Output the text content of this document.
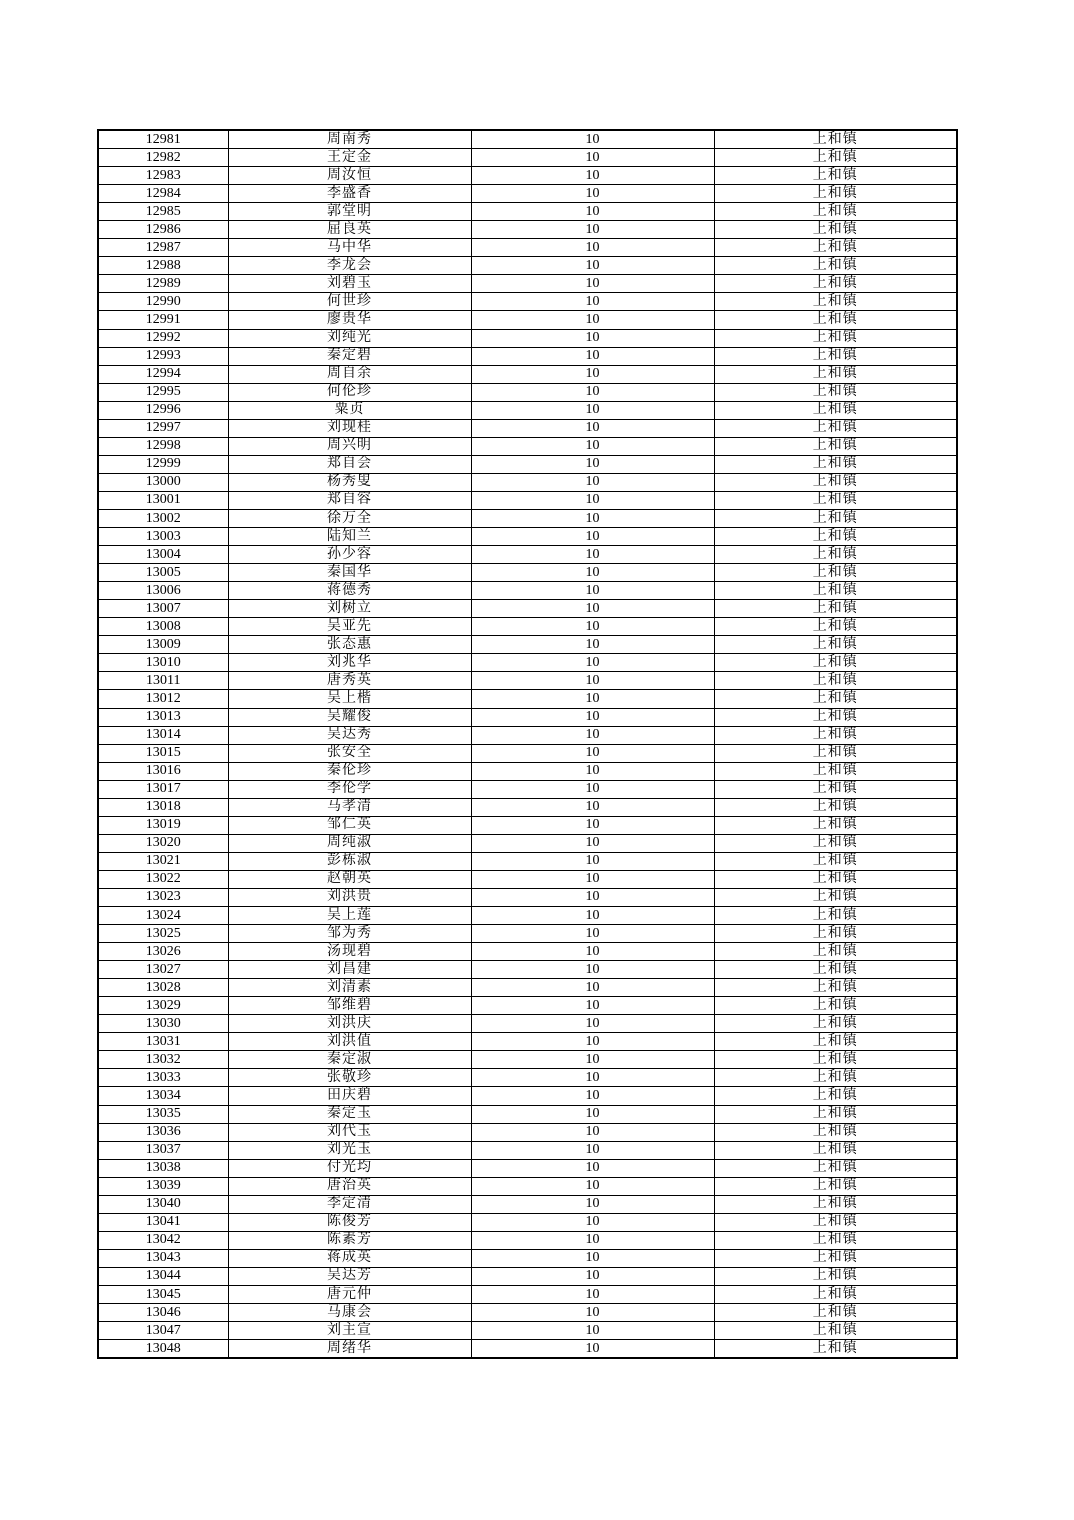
12981	周南秀	10	上和镇
12982	王定金	10	上和镇
12983	周汝恒	10	上和镇
12984	李盛香	10	上和镇
12985	郭堂明	10	上和镇
12986	屈良英	10	上和镇
12987	马中华	10	上和镇
12988	李龙会	10	上和镇
12989	刘碧玉	10	上和镇
12990	何世珍	10	上和镇
12991	廖贵华	10	上和镇
12992	刘纯光	10	上和镇
12993	秦定碧	10	上和镇
12994	周自余	10	上和镇
12995	何伦珍	10	上和镇
12996	粟贞	10	上和镇
12997	刘现桂	10	上和镇
12998	周兴明	10	上和镇
12999	郑自会	10	上和镇
13000	杨秀叟	10	上和镇
13001	郑自容	10	上和镇
13002	徐万全	10	上和镇
13003	陆知兰	10	上和镇
13004	孙少容	10	上和镇
13005	秦国华	10	上和镇
13006	蒋德秀	10	上和镇
13007	刘树立	10	上和镇
13008	吴亚先	10	上和镇
13009	张态惠	10	上和镇
13010	刘兆华	10	上和镇
13011	唐秀英	10	上和镇
13012	吴上楷	10	上和镇
13013	吴耀俊	10	上和镇
13014	吴达秀	10	上和镇
13015	张安全	10	上和镇
13016	秦伦珍	10	上和镇
13017	李伦学	10	上和镇
13018	马孝清	10	上和镇
13019	邹仁英	10	上和镇
13020	周纯淑	10	上和镇
13021	彭栋淑	10	上和镇
13022	赵朝英	10	上和镇
13023	刘洪贵	10	上和镇
13024	吴上莲	10	上和镇
13025	邹为秀	10	上和镇
13026	汤现碧	10	上和镇
13027	刘昌建	10	上和镇
13028	刘清素	10	上和镇
13029	邹维碧	10	上和镇
13030	刘洪庆	10	上和镇
13031	刘洪值	10	上和镇
13032	秦定淑	10	上和镇
13033	张敬珍	10	上和镇
13034	田庆碧	10	上和镇
13035	秦定玉	10	上和镇
13036	刘代玉	10	上和镇
13037	刘光玉	10	上和镇
13038	付光均	10	上和镇
13039	唐治英	10	上和镇
13040	李定清	10	上和镇
13041	陈俊芳	10	上和镇
13042	陈素芳	10	上和镇
13043	蒋成英	10	上和镇
13044	吴达芳	10	上和镇
13045	唐元仲	10	上和镇
13046	马康会	10	上和镇
13047	刘主宣	10	上和镇
13048	周绪华	10	上和镇
